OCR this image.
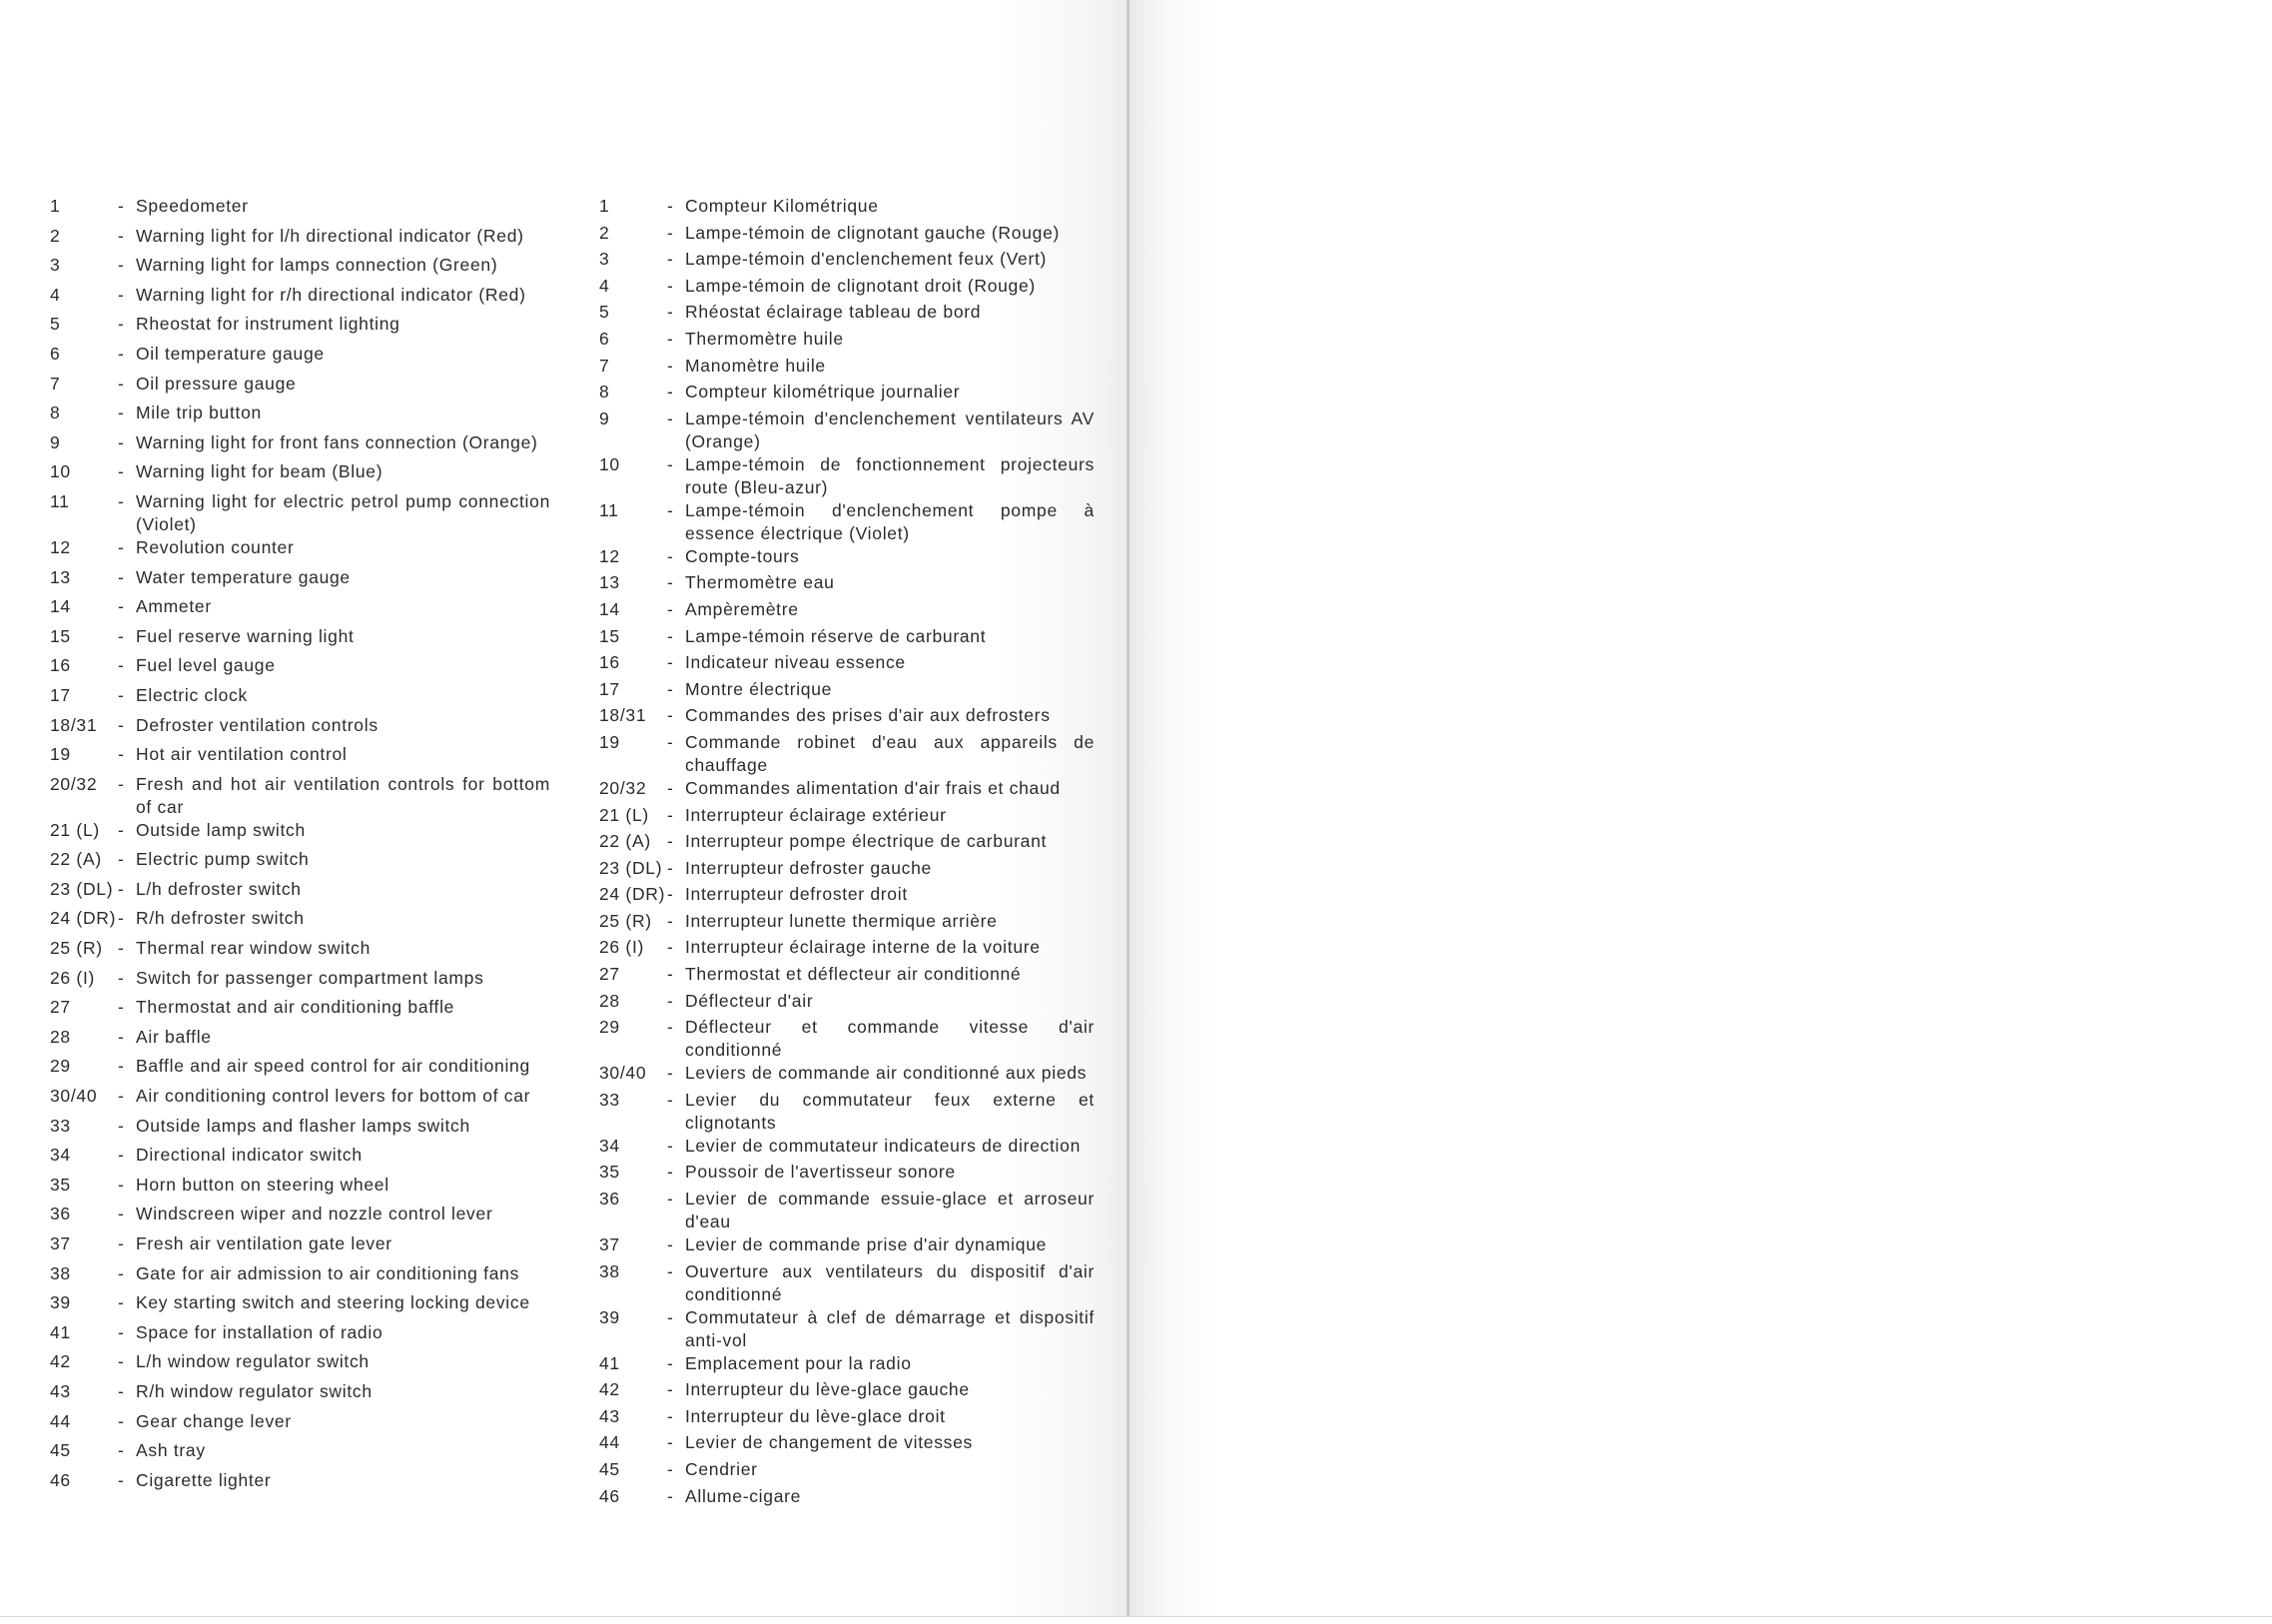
1	- Speedometer
2	- Warning light for l/h directional indicator (Red)
3	- Warning light for lamps connection (Green)
4	- Warning light for r/h directional indicator (Red)
5	- Rheostat for instrument lighting
6	- Oil temperature gauge
7	- Oil pressure gauge
8	- Mile trip button
9	- Warning light for front fans connection (Orange)
10	- Warning light for beam (Blue)
11	- Warning light for electric petrol pump connection (Violet)
12	- Revolution counter
13	- Water temperature gauge
14	- Ammeter
15	- Fuel reserve warning light
16	- Fuel level gauge
17	- Electric clock
18/31	- Defroster ventilation controls
19	- Hot air ventilation control
20/32	- Fresh and hot air ventilation controls for bottom of car
21 (L)	- Outside lamp switch
22 (A) - Electric pump switch
23 (DL) - L/h defroster switch
24 (DR) - R/h defroster switch
25 (R) - Thermal rear window switch
26 (I)	- Switch for passenger compartment lamps
27	- Thermostat and air conditioning baffle
28	- Air baffle
29	- Baffle and air speed control for air conditioning
30/40	- Air conditioning control levers for bottom of car
33	- Outside lamps and flasher lamps switch
34	- Directional indicator switch
35	- Horn button on steering wheel
36	- Windscreen wiper and nozzle control lever
37	- Fresh air ventilation gate lever
38	- Gate for air admission to air conditioning fans
39	- Key starting switch and steering locking device
41	- Space for installation of radio
42	- L/h window regulator switch
43	- R/h window regulator switch
44	- Gear change lever
45	- Ash tray
46	- Cigarette lighter
1	- Compteur Kilométrique
2	- Lampe-témoin de clignotant gauche (Rouge)
3	- Lampe-témoin d'enclenchement feux (Vert)
4	- Lampe-témoin de clignotant droit (Rouge)
5	- Rhéostat éclairage tableau de bord
6	- Thermomètre huile
7	- Manomètre huile
8	- Compteur kilométrique journalier
9	- Lampe-témoin d'enclenchement ventilateurs AV (Orange)
10	- Lampe-témoin de fonctionnement projecteurs route (Bleu-azur)
11	- Lampe-témoin d'enclenchement pompe à essence électrique (Violet)
12	- Compte-tours
13	- Thermomètre eau
14	- Ampèremètre
15	- Lampe-témoin réserve de carburant
16	- Indicateur niveau essence
17	- Montre électrique
18/31	- Commandes des prises d'air aux defrosters
19	- Commande robinet d'eau aux appareils de chauffage
20/32	- Commandes alimentation d'air frais et chaud
21 (L)	- Interrupteur éclairage extérieur
22 (A) - Interrupteur pompe électrique de carburant
23 (DL) - Interrupteur defroster gauche
24 (DR) - Interrupteur defroster droit
25 (R) - Interrupteur lunette thermique arrière
26 (I)	- Interrupteur éclairage interne de la voiture
27	- Thermostat et déflecteur air conditionné
28	- Déflecteur d'air
29	- Déflecteur et commande vitesse d'air conditionné
30/40	- Leviers de commande air conditionné aux pieds
33	- Levier du commutateur feux externe et clignotants
34	- Levier de commutateur indicateurs de direction
35	- Poussoir de l'avertisseur sonore
36	- Levier de commande essuie-glace et arroseur d'eau
37	- Levier de commande prise d'air dynamique
38	- Ouverture aux ventilateurs du dispositif d'air conditionné
39	- Commutateur à clef de démarrage et dispositif anti-vol
41	- Emplacement pour la radio
42	- Interrupteur du lève-glace gauche
43	- Interrupteur du lève-glace droit
44	- Levier de changement de vitesses
45	- Cendrier
46	- Allume-cigare
